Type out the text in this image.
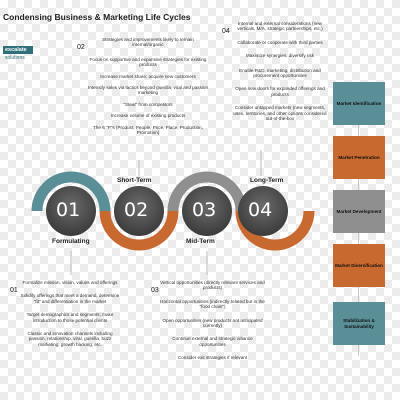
Condensing Business & Marketing Life Cycles
escalate
solutions
02
Strategies and improvements likely to remain internal/organic
Focus on supportive and expansive strategies for existing products
Increase market share; acquire new customers
Intensify sales via tactics beyond guerilla, viral and passion marketing
"Steal" from competitors
Increase volume of existing products
The 6 "P"s (Product, People, Price, Place, Production, Promotion)
04
Internal and external considerations (new verticals, M/A, strategic partnerships, etc.)
Collaborate or cooperate with third parties
Maximize synergies, diversify risk
Enable R&D, marketing, distribution and procurement opportunities
Open new doors for expanded offerings and products
Consider untapped markets (new segments, uses, territories, and other options considered out-of-the-box
01
Formalize mission, vision, values and offerings
Solidify offerings that meet a demand, determine "fit" and differentiation in the market
Target demographics and segments; make introduction to those potential clients
Classic and innovation channels including passion, relationship, viral, guerilla, buzz marketing, growth hacking, etc.
03
Vertical opportunities (directly relevant services and products)
Horizontal opportunities (indirectly related but in the "food chain")
Open opportunities (new products not anticipated currently)
Continue external and strategic alliance opportunities
Consider exit strategies if relevant
01 02 03 04
Formulating
Short-Term
Mid-Term
Long-Term
Market Identification
Market Penetration
Market Development
Market Diversification
Stabilization & Sustainability
